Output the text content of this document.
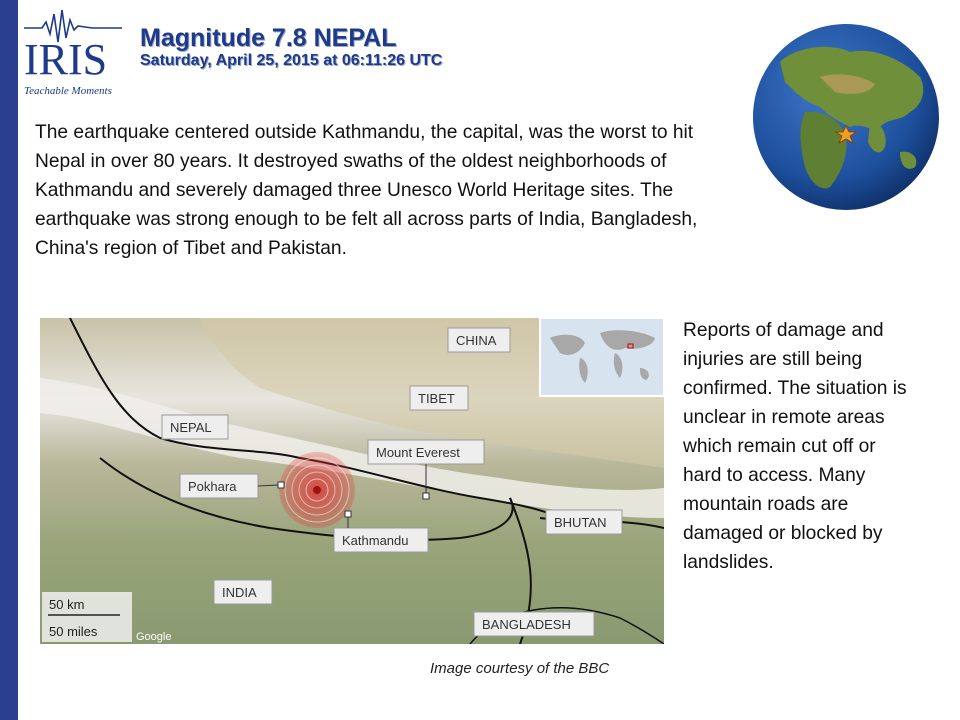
IRIS
Teachable Moments
Magnitude 7.8 NEPAL
Saturday, April 25, 2015 at 06:11:26 UTC
The earthquake centered outside Kathmandu, the capital, was the worst to hit Nepal in over 80 years. It destroyed swaths of the oldest neighborhoods of Kathmandu and severely damaged three Unesco World Heritage sites. The earthquake was strong enough to be felt all across parts of India, Bangladesh, China's region of Tibet and Pakistan.
CHINA
TIBET
NEPAL
Mount Everest
Pokhara
Kathmandu
BHUTAN
INDIA
BANGLADESH
50 km
50 miles	Google
Reports of damage and injuries are still being confirmed. The situation is unclear in remote areas which remain cut off or hard to access. Many mountain roads are damaged or blocked by landslides.
Image courtesy of the BBC
